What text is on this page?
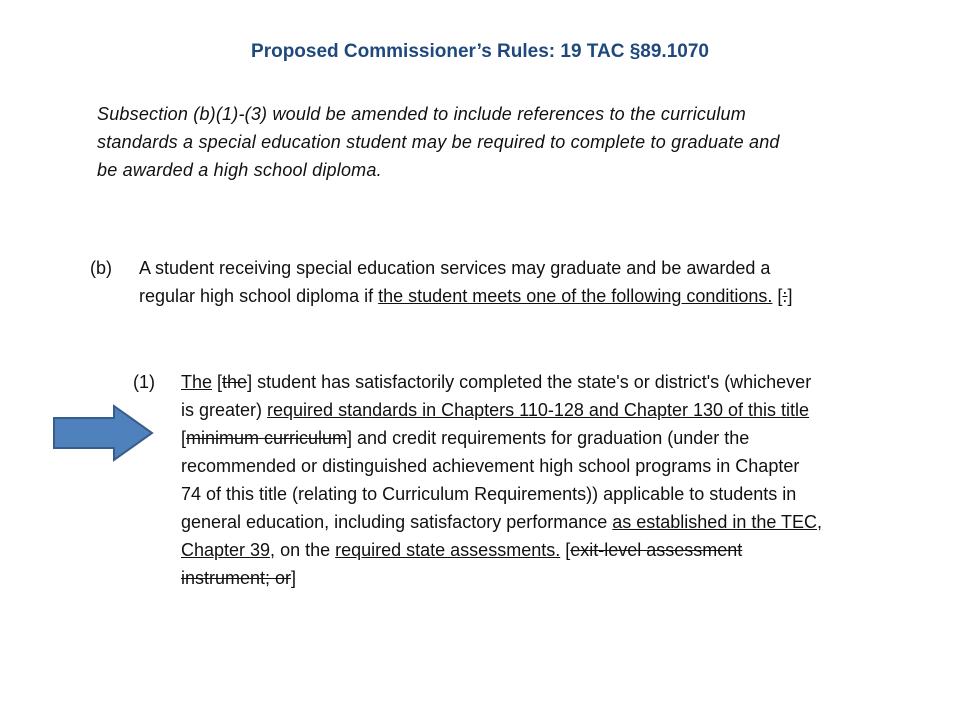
Proposed Commissioner’s Rules: 19 TAC §89.1070
Subsection (b)(1)-(3) would be amended to include references to the curriculum standards a special education student may be required to complete to graduate and be awarded a high school diploma.
(b) A student receiving special education services may graduate and be awarded a regular high school diploma if the student meets one of the following conditions. [:]
(1) The [the] student has satisfactorily completed the state's or district's (whichever is greater) required standards in Chapters 110-128 and Chapter 130 of this title [minimum curriculum] and credit requirements for graduation (under the recommended or distinguished achievement high school programs in Chapter 74 of this title (relating to Curriculum Requirements)) applicable to students in general education, including satisfactory performance as established in the TEC, Chapter 39, on the required state assessments. [exit-level assessment instrument; or]
